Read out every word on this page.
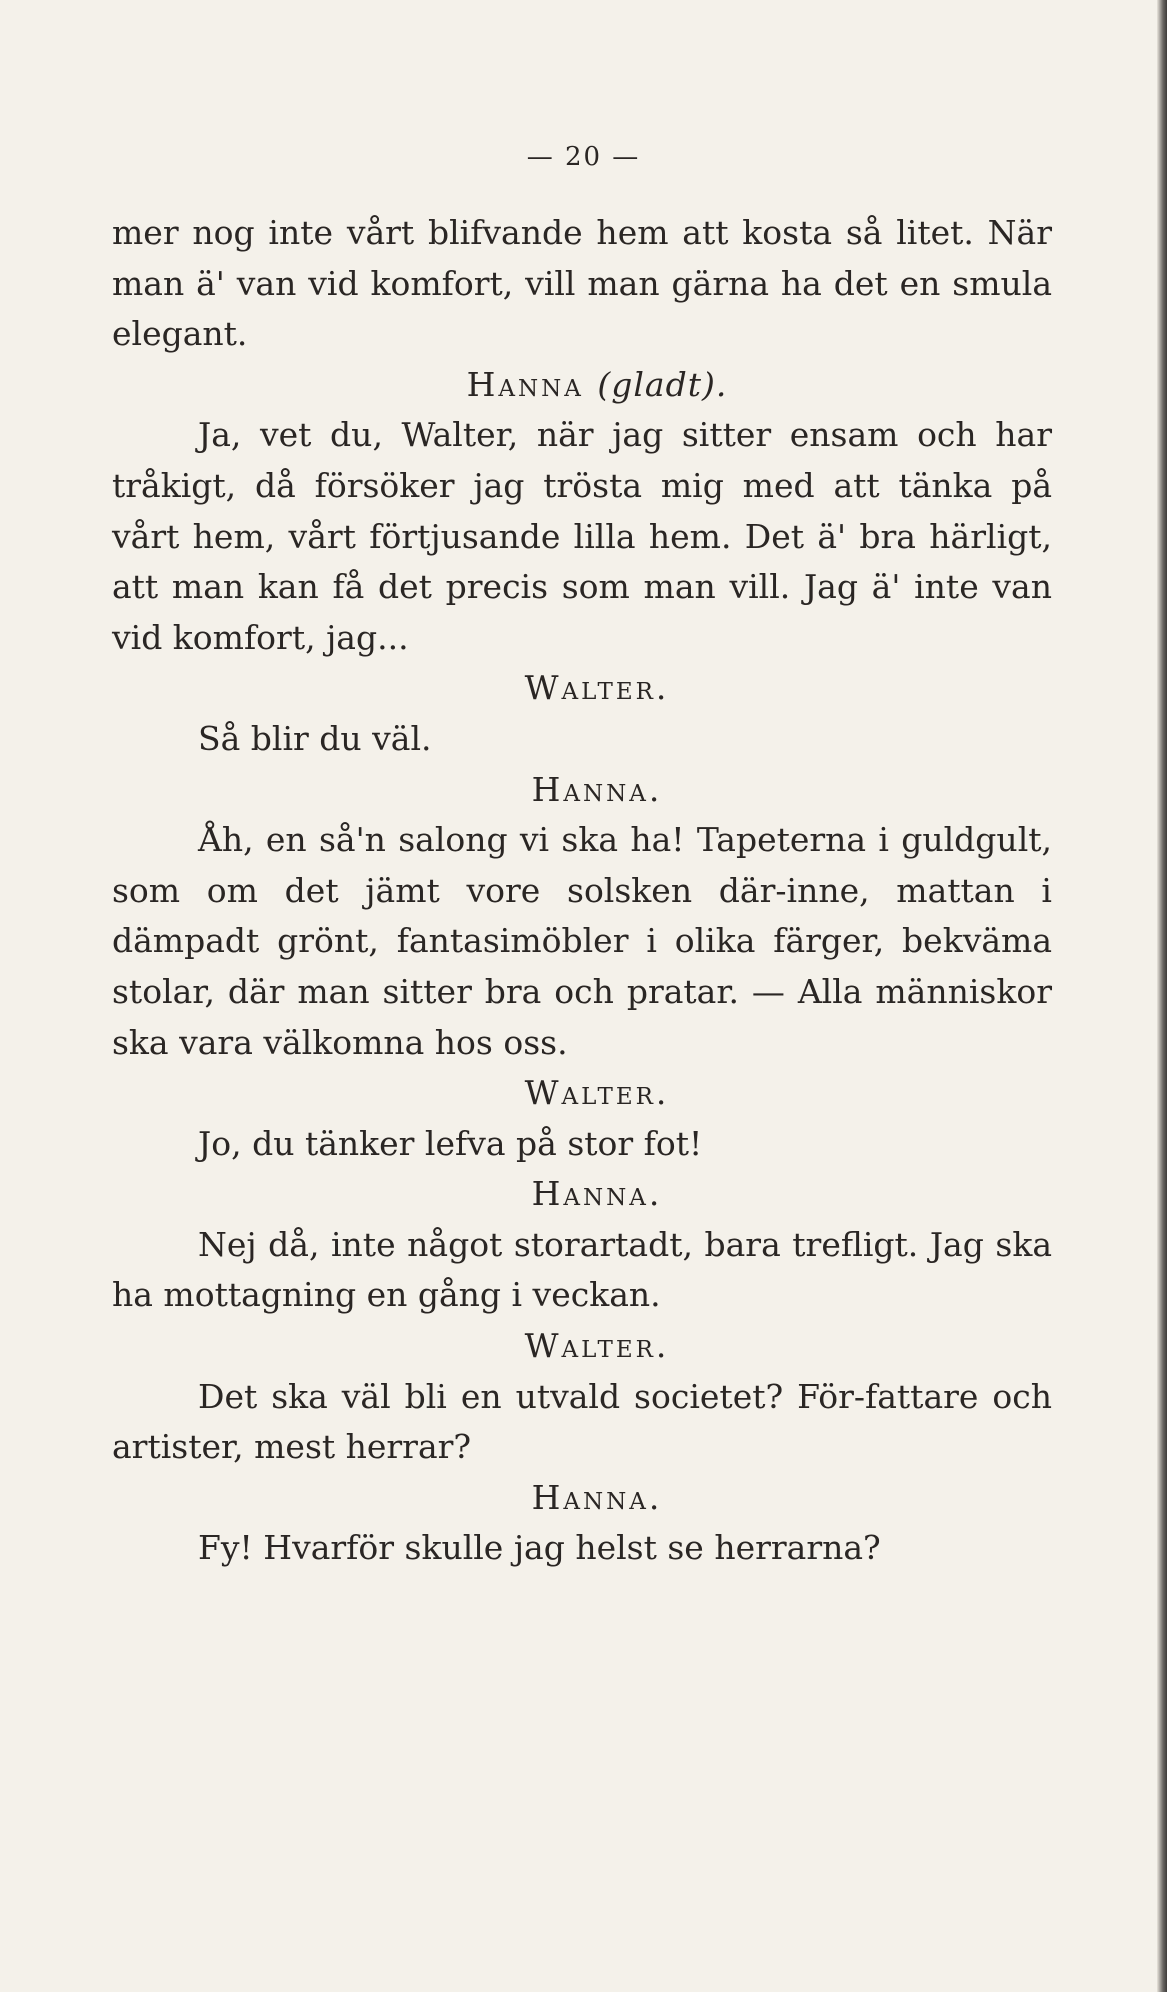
— 20 —

mer nog inte vårt blifvande hem att kosta så litet. När man ä' van vid komfort, vill man gärna ha det en smula elegant.

Hanna (gladt).

Ja, vet du, Walter, när jag sitter ensam och har tråkigt, då försöker jag trösta mig med att tänka på vårt hem, vårt förtjusande lilla hem. Det ä' bra härligt, att man kan få det precis som man vill. Jag ä' inte van vid komfort, jag...

Walter.

Så blir du väl.

Hanna.

Åh, en så'n salong vi ska ha! Tapeterna i guldgult, som om det jämt vore solsken där-inne, mattan i dämpadt grönt, fantasimöbler i olika färger, bekväma stolar, där man sitter bra och pratar. — Alla människor ska vara välkomna hos oss.

Walter.

Jo, du tänker lefva på stor fot!

Hanna.

Nej då, inte något storartadt, bara trefligt. Jag ska ha mottagning en gång i veckan.

Walter.

Det ska väl bli en utvald societet? För-fattare och artister, mest herrar?

Hanna.

Fy! Hvarför skulle jag helst se herrarna?
